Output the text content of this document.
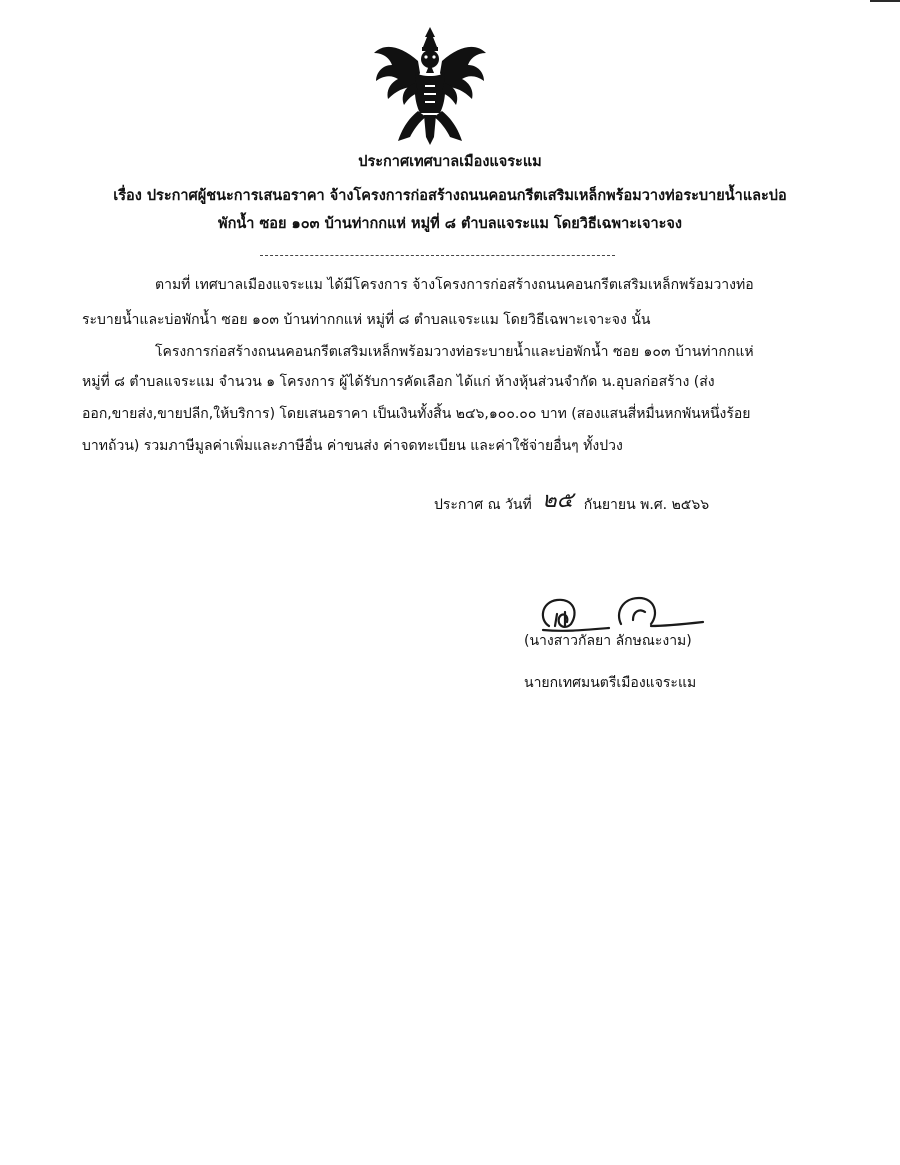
ประกาศเทศบาลเมืองแจระแม
เรื่อง ประกาศผู้ชนะการเสนอราคา จ้างโครงการก่อสร้างถนนคอนกรีตเสริมเหล็กพร้อมวางท่อระบายน้ำและบ่อ
พักน้ำ ซอย ๑๐๓ บ้านท่ากกแห่ หมู่ที่ ๘ ตำบลแจระแม โดยวิธีเฉพาะเจาะจง
ตามที่ เทศบาลเมืองแจระแม ได้มีโครงการ จ้างโครงการก่อสร้างถนนคอนกรีตเสริมเหล็กพร้อมวางท่อ
ระบายน้ำและบ่อพักน้ำ ซอย ๑๐๓ บ้านท่ากกแห่ หมู่ที่ ๘ ตำบลแจระแม โดยวิธีเฉพาะเจาะจง นั้น
โครงการก่อสร้างถนนคอนกรีตเสริมเหล็กพร้อมวางท่อระบายน้ำและบ่อพักน้ำ ซอย ๑๐๓ บ้านท่ากกแห่
หมู่ที่ ๘ ตำบลแจระแม จำนวน ๑ โครงการ ผู้ได้รับการคัดเลือก ได้แก่ ห้างหุ้นส่วนจำกัด น.อุบลก่อสร้าง (ส่ง
ออก,ขายส่ง,ขายปลีก,ให้บริการ) โดยเสนอราคา เป็นเงินทั้งสิ้น ๒๔๖,๑๐๐.๐๐ บาท (สองแสนสี่หมื่นหกพันหนึ่งร้อย
บาทถ้วน) รวมภาษีมูลค่าเพิ่มและภาษีอื่น ค่าขนส่ง ค่าจดทะเบียน และค่าใช้จ่ายอื่นๆ ทั้งปวง
ประกาศ ณ วันที่ ๒๕ กันยายน พ.ศ. ๒๕๖๖
(นางสาวกัลยา ลักษณะงาม)
นายกเทศมนตรีเมืองแจระแม
